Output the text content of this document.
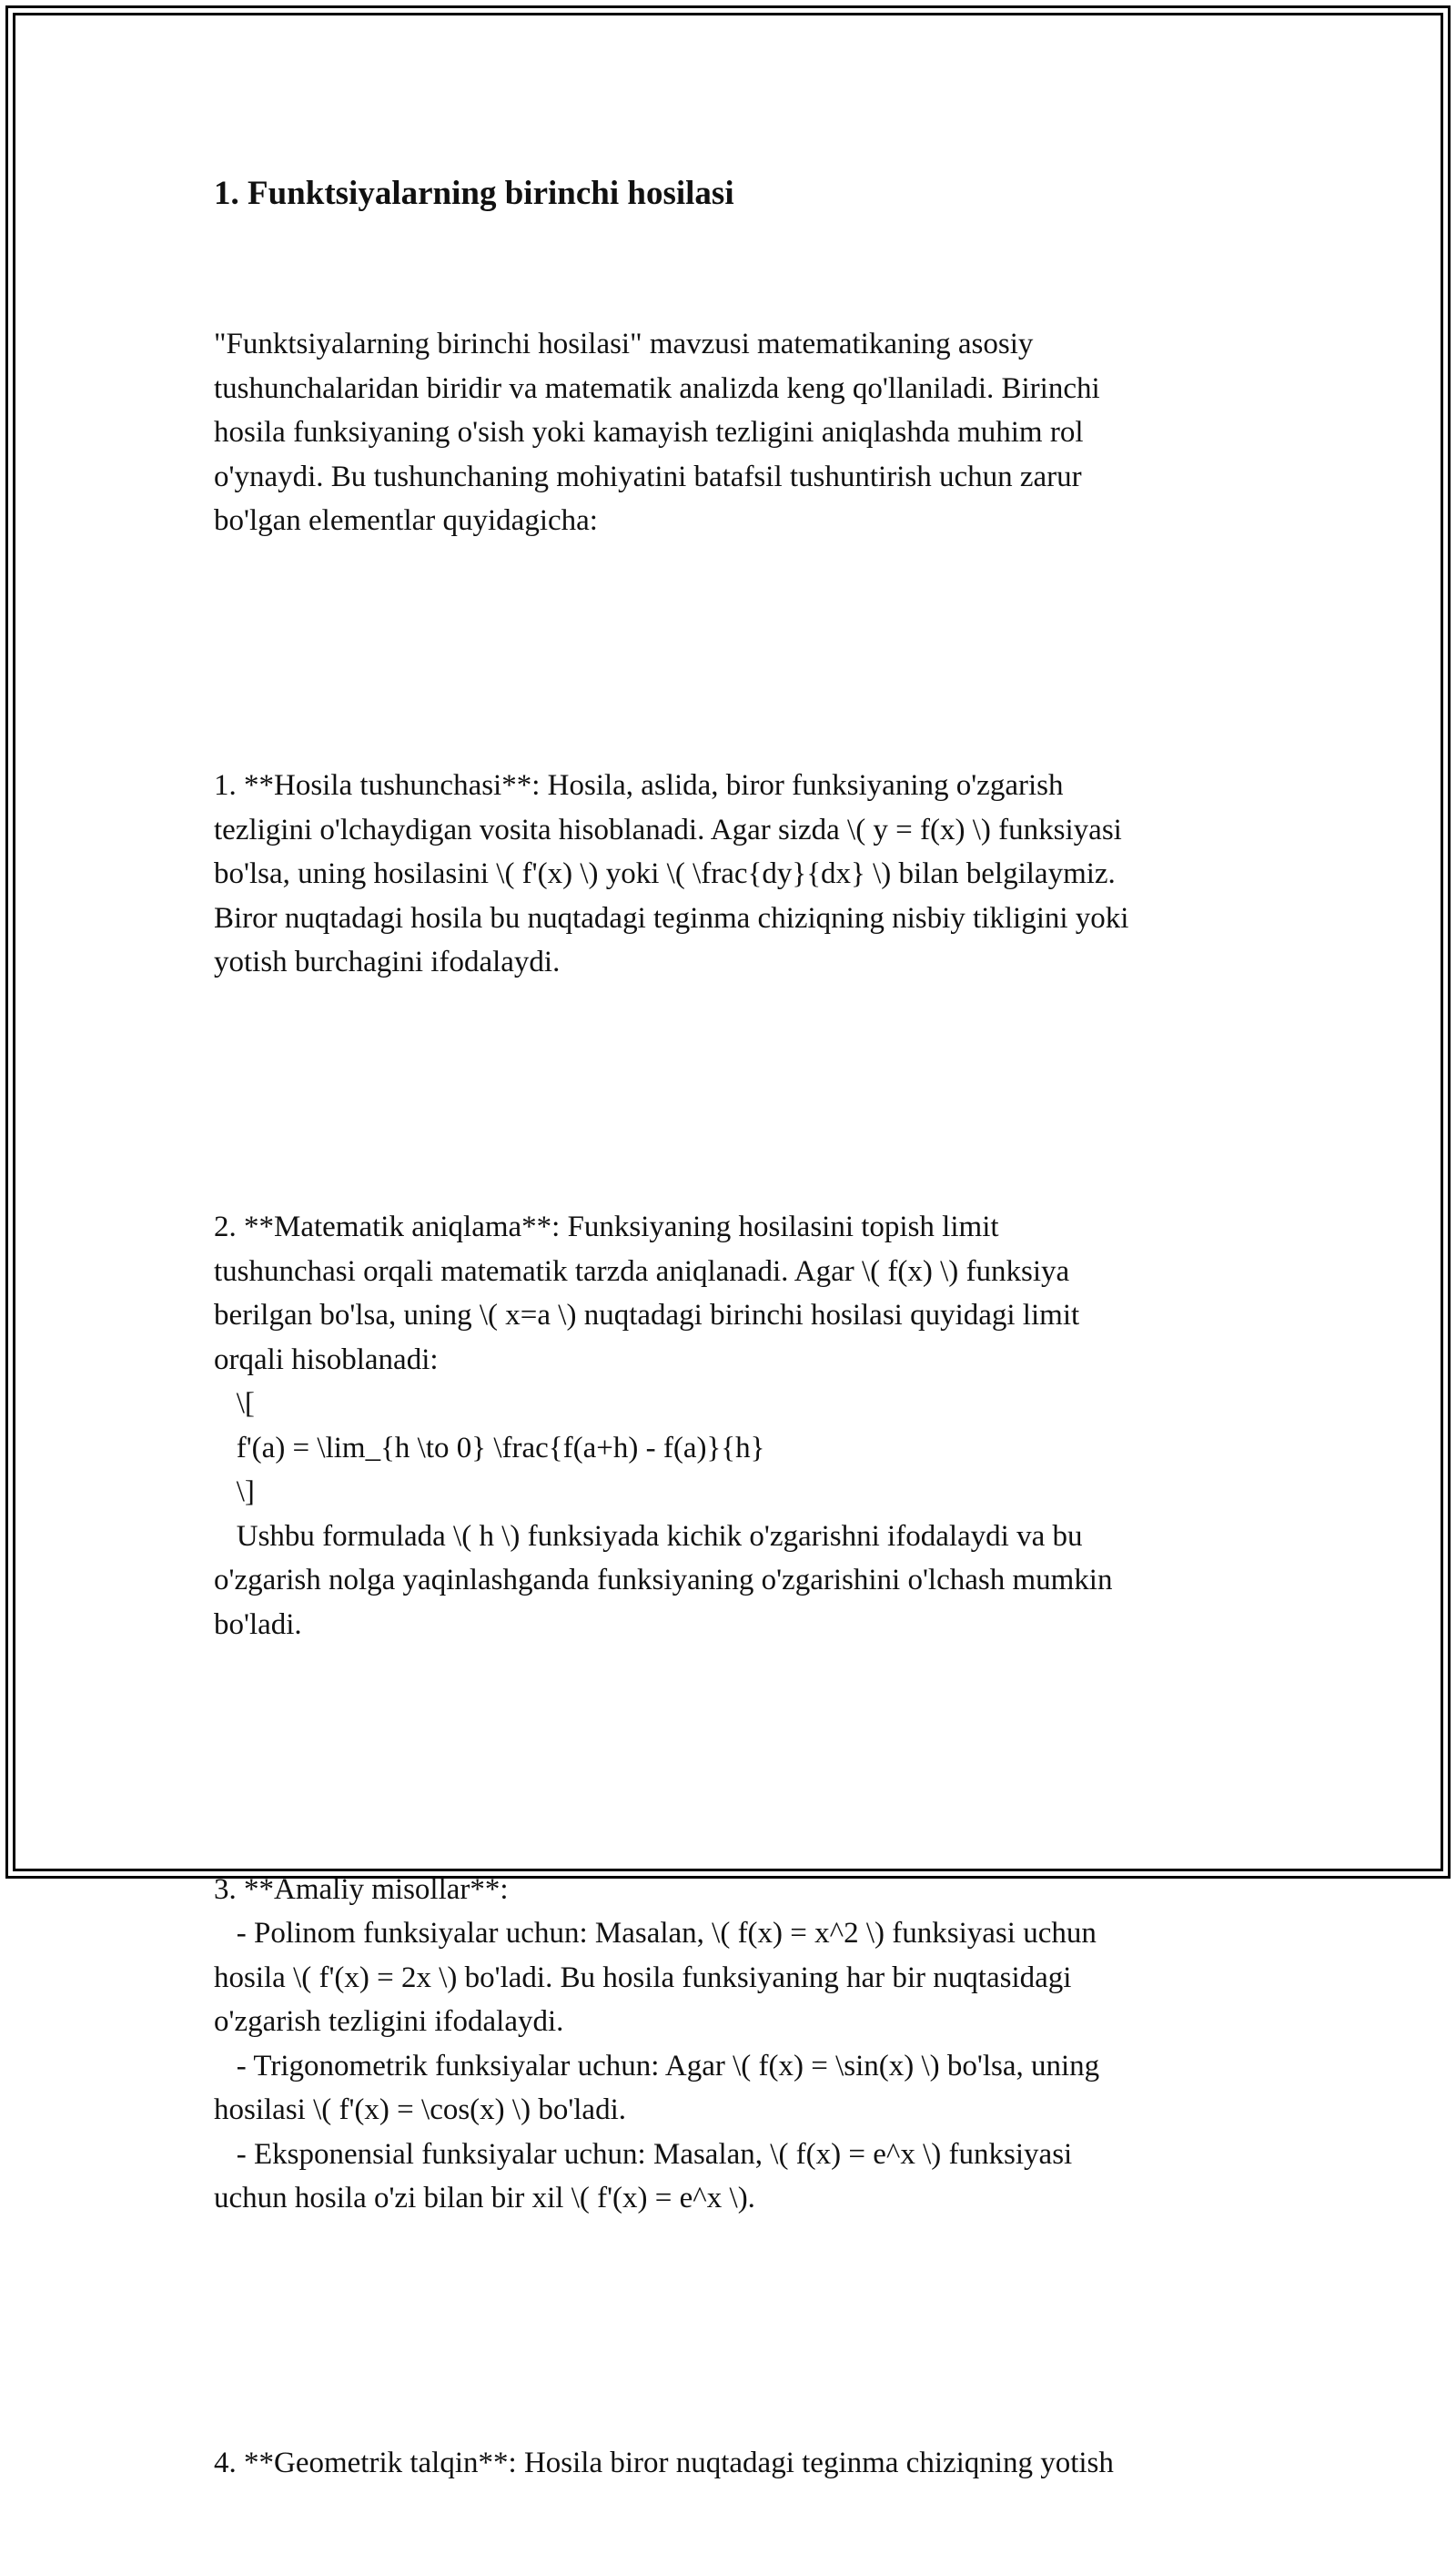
1. Funktsiyalarning birinchi hosilasi

"Funktsiyalarning birinchi hosilasi" mavzusi matematikaning asosiy
tushunchalaridan biridir va matematik analizda keng qo'llaniladi. Birinchi
hosila funksiyaning o'sish yoki kamayish tezligini aniqlashda muhim rol
o'ynaydi. Bu tushunchaning mohiyatini batafsil tushuntirish uchun zarur
bo'lgan elementlar quyidagicha:

1. **Hosila tushunchasi**: Hosila, aslida, biror funksiyaning o'zgarish
tezligini o'lchaydigan vosita hisoblanadi. Agar sizda \( y = f(x) \) funksiyasi
bo'lsa, uning hosilasini \( f'(x) \) yoki \( \frac{dy}{dx} \) bilan belgilaymiz.
Biror nuqtadagi hosila bu nuqtadagi teginma chiziqning nisbiy tikligini yoki
yotish burchagini ifodalaydi.

2. **Matematik aniqlama**: Funksiyaning hosilasini topish limit
tushunchasi orqali matematik tarzda aniqlanadi. Agar \( f(x) \) funksiya
berilgan bo'lsa, uning \( x=a \) nuqtadagi birinchi hosilasi quyidagi limit
orqali hisoblanadi:
\[
f'(a) = \lim_{h \to 0} \frac{f(a+h) - f(a)}{h}
\]
Ushbu formulada \( h \) funksiyada kichik o'zgarishni ifodalaydi va bu
o'zgarish nolga yaqinlashganda funksiyaning o'zgarishini o'lchash mumkin
bo'ladi.

3. **Amaliy misollar**:
- Polinom funksiyalar uchun: Masalan, \( f(x) = x^2 \) funksiyasi uchun
hosila \( f'(x) = 2x \) bo'ladi. Bu hosila funksiyaning har bir nuqtasidagi
o'zgarish tezligini ifodalaydi.
- Trigonometrik funksiyalar uchun: Agar \( f(x) = \sin(x) \) bo'lsa, uning
hosilasi \( f'(x) = \cos(x) \) bo'ladi.
- Eksponensial funksiyalar uchun: Masalan, \( f(x) = e^x \) funksiyasi
uchun hosila o'zi bilan bir xil \( f'(x) = e^x \).

4. **Geometrik talqin**: Hosila biror nuqtadagi teginma chiziqning yotish
